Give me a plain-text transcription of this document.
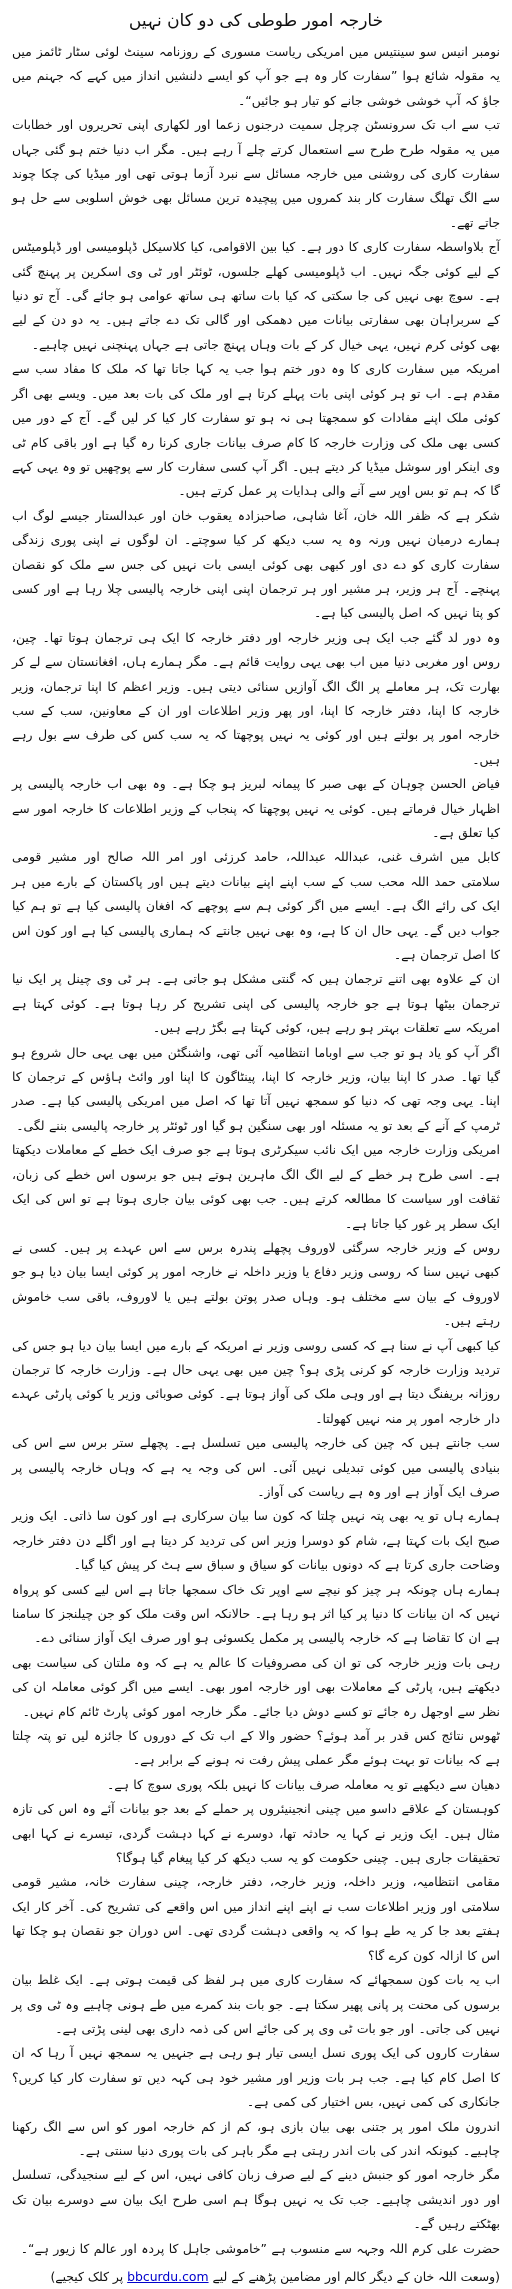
خارجہ امور طوطی کی دو کان نہیں

نومبر انیس سو سینتیس میں امریکی ریاست مسوری کے روزنامہ سینٹ لوئی سٹار ٹائمز میں یہ مقولہ شائع ہوا ”سفارت کار وہ ہے جو آپ کو ایسے دلنشیں انداز میں کہے کہ جہنم میں جاؤ کہ آپ خوشی خوشی جانے کو تیار ہو جائیں“۔

تب سے اب تک سرونسٹن چرچل سمیت درجنوں زعما اور لکھاری اپنی تحریروں اور خطابات میں یہ مقولہ طرح طرح سے استعمال کرتے چلے آ رہے ہیں۔ مگر اب دنیا ختم ہو گئی جہاں سفارت کاری کی روشنی میں خارجہ مسائل سے نبرد آزما ہوتی تھی اور میڈیا کی چکا چوند سے الگ تھلگ سفارت کار بند کمروں میں پیچیدہ ترین مسائل بھی خوش اسلوبی سے حل ہو جاتے تھے۔

آج بلاواسطہ سفارت کاری کا دور ہے۔ کیا بین الاقوامی، کیا کلاسیکل ڈپلومیسی اور ڈپلومیٹس کے لیے کوئی جگہ نہیں۔ اب ڈپلومیسی کھلے جلسوں، ٹوئٹر اور ٹی وی اسکرین پر پہنچ گئی ہے۔ سوچ بھی نہیں کی جا سکتی کہ کیا بات ساتھ ہی ساتھ عوامی ہو جائے گی۔ آج تو دنیا کے سربراہان بھی سفارتی بیانات میں دھمکی اور گالی تک دے جاتے ہیں۔ یہ دو دن کے لیے بھی کوئی کرم نہیں، یہی خیال کر کے بات وہاں پہنچ جاتی ہے جہاں پہنچنی نہیں چاہیے۔

امریکہ میں سفارت کاری کا وہ دور ختم ہوا جب یہ کہا جاتا تھا کہ ملک کا مفاد سب سے مقدم ہے۔ اب تو ہر کوئی اپنی بات پہلے کرتا ہے اور ملک کی بات بعد میں۔ ویسے بھی اگر کوئی ملک اپنے مفادات کو سمجھتا ہی نہ ہو تو سفارت کار کیا کر لیں گے۔ آج کے دور میں کسی بھی ملک کی وزارت خارجہ کا کام صرف بیانات جاری کرنا رہ گیا ہے اور باقی کام ٹی وی اینکر اور سوشل میڈیا کر دیتے ہیں۔ اگر آپ کسی سفارت کار سے پوچھیں تو وہ یہی کہے گا کہ ہم تو بس اوپر سے آنے والی ہدایات پر عمل کرتے ہیں۔

شکر ہے کہ ظفر اللہ خان، آغا شاہی، صاحبزادہ یعقوب خان اور عبدالستار جیسے لوگ اب ہمارے درمیان نہیں ورنہ وہ یہ سب دیکھ کر کیا سوچتے۔ ان لوگوں نے اپنی پوری زندگی سفارت کاری کو دے دی اور کبھی بھی کوئی ایسی بات نہیں کی جس سے ملک کو نقصان پہنچے۔ آج ہر وزیر، ہر مشیر اور ہر ترجمان اپنی اپنی خارجہ پالیسی چلا رہا ہے اور کسی کو پتا نہیں کہ اصل پالیسی کیا ہے۔

وہ دور لد گئے جب ایک ہی وزیر خارجہ اور دفتر خارجہ کا ایک ہی ترجمان ہوتا تھا۔ چین، روس اور مغربی دنیا میں اب بھی یہی روایت قائم ہے۔ مگر ہمارے ہاں، افغانستان سے لے کر بھارت تک، ہر معاملے پر الگ الگ آوازیں سنائی دیتی ہیں۔ وزیر اعظم کا اپنا ترجمان، وزیر خارجہ کا اپنا، دفتر خارجہ کا اپنا، اور پھر وزیر اطلاعات اور ان کے معاونین، سب کے سب خارجہ امور پر بولتے ہیں اور کوئی یہ نہیں پوچھتا کہ یہ سب کس کی طرف سے بول رہے ہیں۔

فیاض الحسن چوہان کے بھی صبر کا پیمانہ لبریز ہو چکا ہے۔ وہ بھی اب خارجہ پالیسی پر اظہار خیال فرماتے ہیں۔ کوئی یہ نہیں پوچھتا کہ پنجاب کے وزیر اطلاعات کا خارجہ امور سے کیا تعلق ہے۔

کابل میں اشرف غنی، عبداللہ عبداللہ، حامد کرزئی اور امر اللہ صالح اور مشیر قومی سلامتی حمد اللہ محب سب کے سب اپنے اپنے بیانات دیتے ہیں اور پاکستان کے بارے میں ہر ایک کی رائے الگ ہے۔ ایسے میں اگر کوئی ہم سے پوچھے کہ افغان پالیسی کیا ہے تو ہم کیا جواب دیں گے۔ یہی حال ان کا ہے، وہ بھی نہیں جانتے کہ ہماری پالیسی کیا ہے اور کون اس کا اصل ترجمان ہے۔

ان کے علاوہ بھی اتنے ترجمان ہیں کہ گنتی مشکل ہو جاتی ہے۔ ہر ٹی وی چینل پر ایک نیا ترجمان بیٹھا ہوتا ہے جو خارجہ پالیسی کی اپنی تشریح کر رہا ہوتا ہے۔ کوئی کہتا ہے امریکہ سے تعلقات بہتر ہو رہے ہیں، کوئی کہتا ہے بگڑ رہے ہیں۔

اگر آپ کو یاد ہو تو جب سے اوباما انتظامیہ آئی تھی، واشنگٹن میں بھی یہی حال شروع ہو گیا تھا۔ صدر کا اپنا بیان، وزیر خارجہ کا اپنا، پینٹاگون کا اپنا اور وائٹ ہاؤس کے ترجمان کا اپنا۔ یہی وجہ تھی کہ دنیا کو سمجھ نہیں آتا تھا کہ اصل میں امریکی پالیسی کیا ہے۔ صدر ٹرمپ کے آنے کے بعد تو یہ مسئلہ اور بھی سنگین ہو گیا اور ٹوئٹر پر خارجہ پالیسی بننے لگی۔

امریکی وزارت خارجہ میں ایک نائب سیکرٹری ہوتا ہے جو صرف ایک خطے کے معاملات دیکھتا ہے۔ اسی طرح ہر خطے کے لیے الگ الگ ماہرین ہوتے ہیں جو برسوں اس خطے کی زبان، ثقافت اور سیاست کا مطالعہ کرتے ہیں۔ جب بھی کوئی بیان جاری ہوتا ہے تو اس کی ایک ایک سطر پر غور کیا جاتا ہے۔

روس کے وزیر خارجہ سرگئی لاوروف پچھلے پندرہ برس سے اس عہدے پر ہیں۔ کسی نے کبھی نہیں سنا کہ روسی وزیر دفاع یا وزیر داخلہ نے خارجہ امور پر کوئی ایسا بیان دیا ہو جو لاوروف کے بیان سے مختلف ہو۔ وہاں صدر پوتن بولتے ہیں یا لاوروف، باقی سب خاموش رہتے ہیں۔

کیا کبھی آپ نے سنا ہے کہ کسی روسی وزیر نے امریکہ کے بارے میں ایسا بیان دیا ہو جس کی تردید وزارت خارجہ کو کرنی پڑی ہو؟ چین میں بھی یہی حال ہے۔ وزارت خارجہ کا ترجمان روزانہ بریفنگ دیتا ہے اور وہی ملک کی آواز ہوتا ہے۔ کوئی صوبائی وزیر یا کوئی پارٹی عہدے دار خارجہ امور پر منہ نہیں کھولتا۔

سب جانتے ہیں کہ چین کی خارجہ پالیسی میں تسلسل ہے۔ پچھلے ستر برس سے اس کی بنیادی پالیسی میں کوئی تبدیلی نہیں آئی۔ اس کی وجہ یہ ہے کہ وہاں خارجہ پالیسی پر صرف ایک آواز ہے اور وہ ہے ریاست کی آواز۔

ہمارے ہاں تو یہ بھی پتہ نہیں چلتا کہ کون سا بیان سرکاری ہے اور کون سا ذاتی۔ ایک وزیر صبح ایک بات کہتا ہے، شام کو دوسرا وزیر اس کی تردید کر دیتا ہے اور اگلے دن دفتر خارجہ وضاحت جاری کرتا ہے کہ دونوں بیانات کو سیاق و سباق سے ہٹ کر پیش کیا گیا۔

ہمارے ہاں چونکہ ہر چیز کو نیچے سے اوپر تک خاک سمجھا جاتا ہے اس لیے کسی کو پرواہ نہیں کہ ان بیانات کا دنیا پر کیا اثر ہو رہا ہے۔ حالانکہ اس وقت ملک کو جن چیلنجز کا سامنا ہے ان کا تقاضا ہے کہ خارجہ پالیسی پر مکمل یکسوئی ہو اور صرف ایک آواز سنائی دے۔

رہی بات وزیر خارجہ کی تو ان کی مصروفیات کا عالم یہ ہے کہ وہ ملتان کی سیاست بھی دیکھتے ہیں، پارٹی کے معاملات بھی اور خارجہ امور بھی۔ ایسے میں اگر کوئی معاملہ ان کی نظر سے اوجھل رہ جائے تو کسے دوش دیا جائے۔ مگر خارجہ امور کوئی پارٹ ٹائم کام نہیں۔

ٹھوس نتائج کس قدر بر آمد ہوئے؟ حضور والا کے اب تک کے دوروں کا جائزہ لیں تو پتہ چلتا ہے کہ بیانات تو بہت ہوئے مگر عملی پیش رفت نہ ہونے کے برابر ہے۔

دھیان سے دیکھیے تو یہ معاملہ صرف بیانات کا نہیں بلکہ پوری سوچ کا ہے۔

کوہستان کے علاقے داسو میں چینی انجینیئروں پر حملے کے بعد جو بیانات آئے وہ اس کی تازہ مثال ہیں۔ ایک وزیر نے کہا یہ حادثہ تھا، دوسرے نے کہا دہشت گردی، تیسرے نے کہا ابھی تحقیقات جاری ہیں۔ چینی حکومت کو یہ سب دیکھ کر کیا پیغام گیا ہوگا؟

مقامی انتظامیہ، وزیر داخلہ، وزیر خارجہ، دفتر خارجہ، چینی سفارت خانہ، مشیر قومی سلامتی اور وزیر اطلاعات سب نے اپنے اپنے انداز میں اس واقعے کی تشریح کی۔ آخر کار ایک ہفتے بعد جا کر یہ طے ہوا کہ یہ واقعی دہشت گردی تھی۔ اس دوران جو نقصان ہو چکا تھا اس کا ازالہ کون کرے گا؟

اب یہ بات کون سمجھائے کہ سفارت کاری میں ہر لفظ کی قیمت ہوتی ہے۔ ایک غلط بیان برسوں کی محنت پر پانی پھیر سکتا ہے۔ جو بات بند کمرے میں طے ہونی چاہیے وہ ٹی وی پر نہیں کی جاتی۔ اور جو بات ٹی وی پر کی جائے اس کی ذمہ داری بھی لینی پڑتی ہے۔

سفارت کاروں کی ایک پوری نسل ایسی تیار ہو رہی ہے جنہیں یہ سمجھ نہیں آ رہا کہ ان کا اصل کام کیا ہے۔ جب ہر بات وزیر اور مشیر خود ہی کہہ دیں تو سفارت کار کیا کریں؟ جانکاری کی کمی نہیں، بس اختیار کی کمی ہے۔

اندرون ملک امور پر جتنی بھی بیان بازی ہو، کم از کم خارجہ امور کو اس سے الگ رکھنا چاہیے۔ کیونکہ اندر کی بات اندر رہتی ہے مگر باہر کی بات پوری دنیا سنتی ہے۔

مگر خارجہ امور کو جنبش دینے کے لیے صرف زبان کافی نہیں، اس کے لیے سنجیدگی، تسلسل اور دور اندیشی چاہیے۔ جب تک یہ نہیں ہوگا ہم اسی طرح ایک بیان سے دوسرے بیان تک بھٹکتے رہیں گے۔

حضرت علی کرم اللہ وجہہ سے منسوب ہے ”خاموشی جاہل کا پردہ اور عالم کا زیور ہے“۔

(وسعت اللہ خان کے دیگر کالم اور مضامین پڑھنے کے لیے bbcurdu.com پر کلک کیجیے)
